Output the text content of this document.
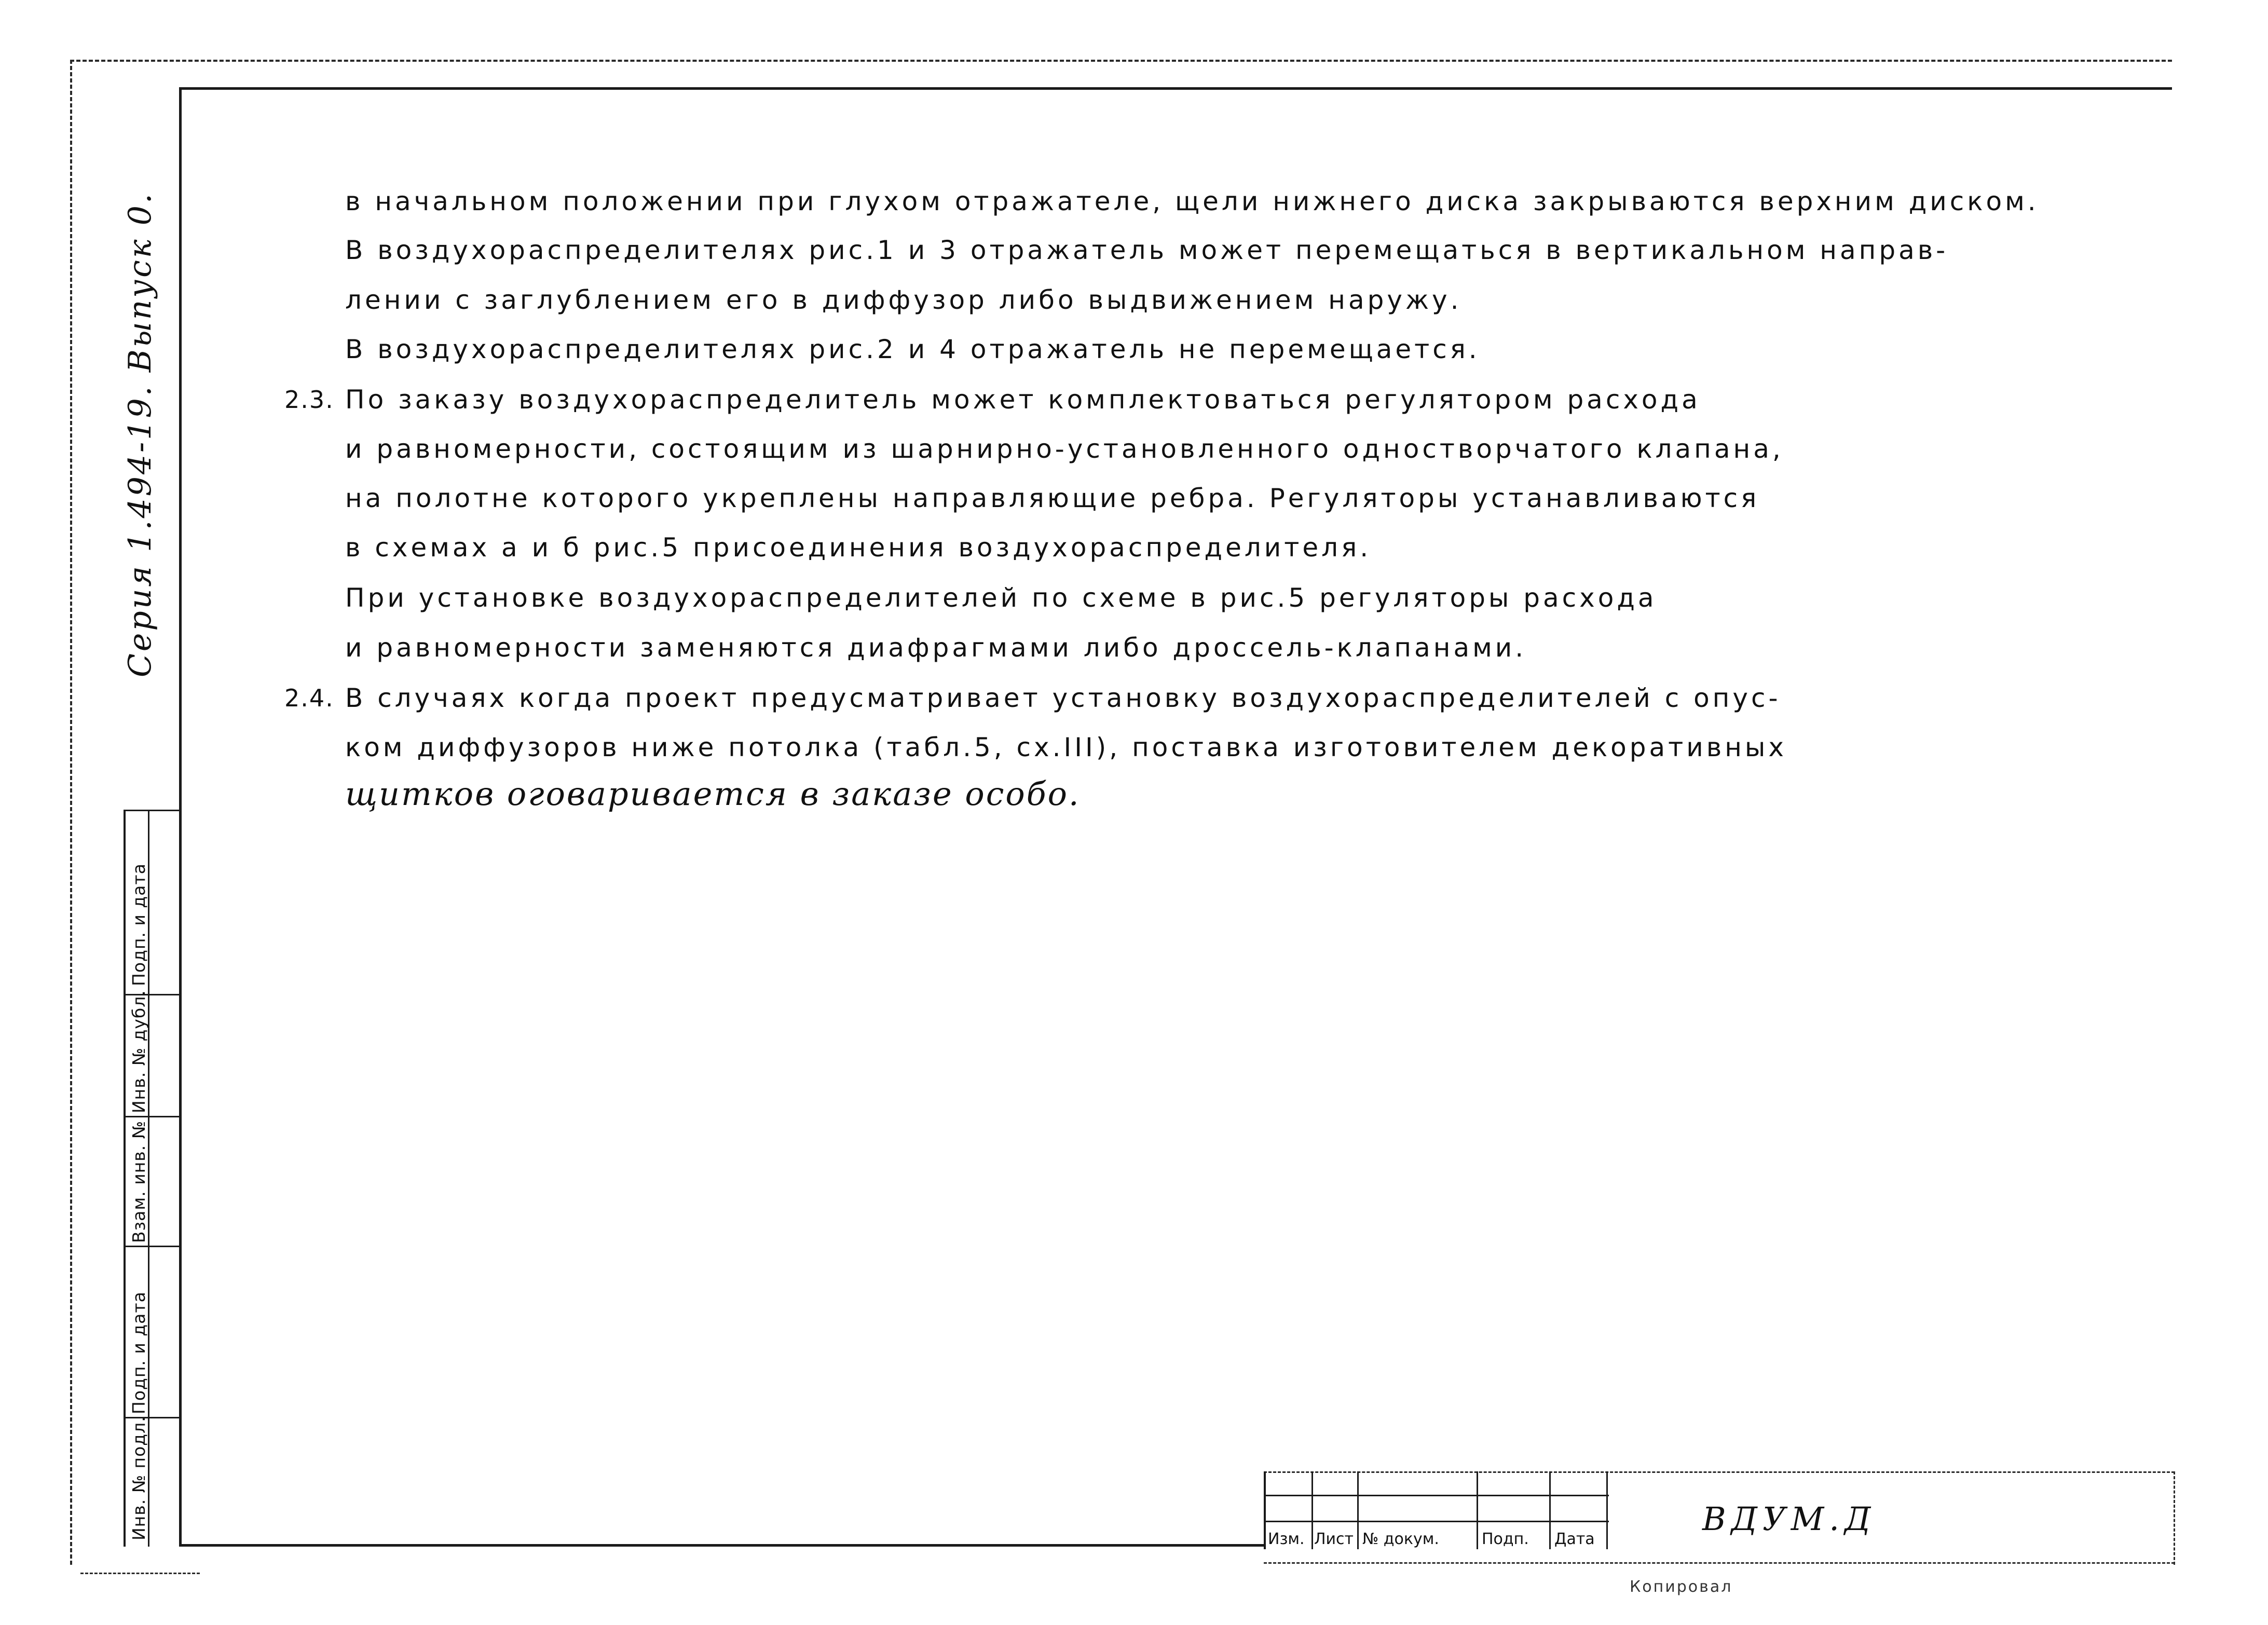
Серия 1.494-19. Выпуск 0.
Подп. и дата
Инв. № дубл.
Взам. инв. №
Подп. и дата
Инв. № подл.
в начальном положении при глухом отражателе, щели нижнего диска закрываются верхним диском.
В воздухораспределителях рис.1 и 3 отражатель может перемещаться в вертикальном направ-
лении с заглублением его в диффузор либо выдвижением наружу.
В воздухораспределителях рис.2 и 4 отражатель не перемещается.
2.3. По заказу воздухораспределитель может комплектоваться регулятором расхода
и равномерности, состоящим из шарнирно-установленного одностворчатого клапана,
на полотне которого укреплены направляющие ребра. Регуляторы устанавливаются
в схемах а и б рис.5 присоединения воздухораспределителя.
При установке воздухораспределителей по схеме в рис.5 регуляторы расхода
и равномерности заменяются диафрагмами либо дроссель-клапанами.
2.4. В случаях когда проект предусматривает установку воздухораспределителей с опус-
ком диффузоров ниже потолка (табл.5, сх.III), поставка изготовителем декоративных
щитков оговаривается в заказе особо.
Изм. Лист № докум.	Подп. Дата
ВДУМ.Д
Копировал
